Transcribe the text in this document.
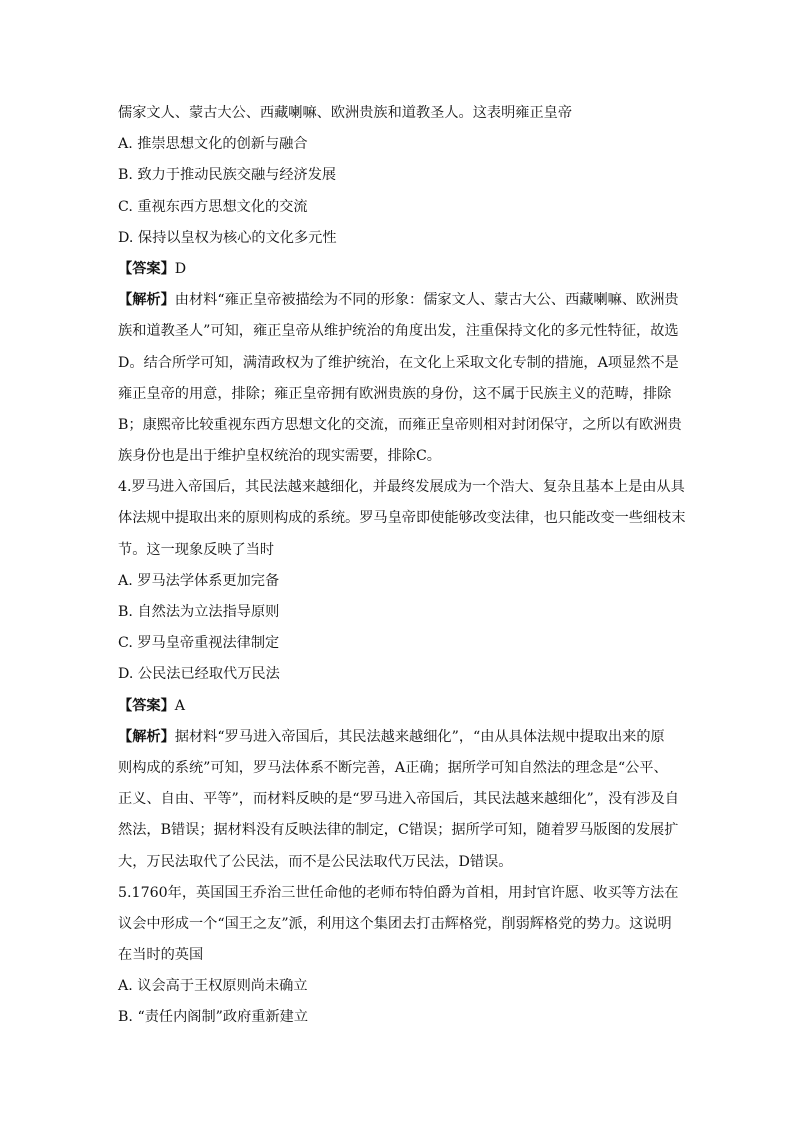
儒家文人、蒙古大公、西藏喇嘛、欧洲贵族和道教圣人。这表明雍正皇帝
A. 推崇思想文化的创新与融合
B. 致力于推动民族交融与经济发展
C. 重视东西方思想文化的交流
D. 保持以皇权为核心的文化多元性
【答案】D
【解析】由材料“雍正皇帝被描绘为不同的形象：儒家文人、蒙古大公、西藏喇嘛、欧洲贵
族和道教圣人”可知，雍正皇帝从维护统治的角度出发，注重保持文化的多元性特征，故选
D。结合所学可知，满清政权为了维护统治，在文化上采取文化专制的措施，A项显然不是
雍正皇帝的用意，排除；雍正皇帝拥有欧洲贵族的身份，这不属于民族主义的范畴，排除
B；康熙帝比较重视东西方思想文化的交流，而雍正皇帝则相对封闭保守，之所以有欧洲贵
族身份也是出于维护皇权统治的现实需要，排除C。
4.罗马进入帝国后，其民法越来越细化，并最终发展成为一个浩大、复杂且基本上是由从具
体法规中提取出来的原则构成的系统。罗马皇帝即使能够改变法律，也只能改变一些细枝末
节。这一现象反映了当时
A. 罗马法学体系更加完备
B. 自然法为立法指导原则
C. 罗马皇帝重视法律制定
D. 公民法已经取代万民法
【答案】A
【解析】据材料“罗马进入帝国后，其民法越来越细化”，“由从具体法规中提取出来的原
则构成的系统”可知，罗马法体系不断完善，A正确；据所学可知自然法的理念是“公平、
正义、自由、平等”，而材料反映的是“罗马进入帝国后，其民法越来越细化”，没有涉及自
然法，B错误；据材料没有反映法律的制定，C错误；据所学可知，随着罗马版图的发展扩
大，万民法取代了公民法，而不是公民法取代万民法，D错误。
5.1760年，英国国王乔治三世任命他的老师布特伯爵为首相，用封官许愿、收买等方法在
议会中形成一个“国王之友”派，利用这个集团去打击辉格党，削弱辉格党的势力。这说明
在当时的英国
A. 议会高于王权原则尚未确立
B. “责任内阁制”政府重新建立
